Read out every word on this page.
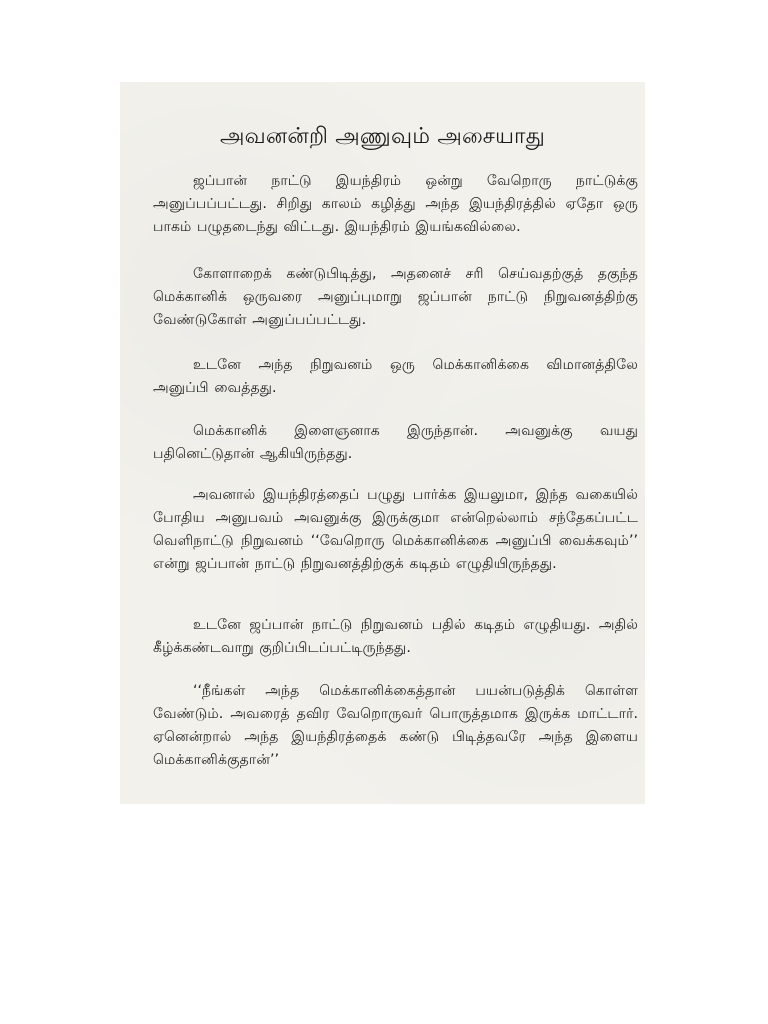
அவனன்றி அணுவும் அசையாது

ஜப்பான் நாட்டு இயந்திரம் ஒன்று வேறொரு நாட்டுக்கு அனுப்பப்பட்டது. சிறிது காலம் கழித்து அந்த இயந்திரத்தில் ஏதோ ஒரு பாகம் பழுதடைந்து விட்டது. இயந்திரம் இயங்கவில்லை.

கோளாறைக் கண்டுபிடித்து, அதனைச் சரி செய்வதற்குத் தகுந்த மெக்கானிக் ஒருவரை அனுப்புமாறு ஜப்பான் நாட்டு நிறுவனத்திற்கு வேண்டுகோள் அனுப்பப்பட்டது.

உடனே அந்த நிறுவனம் ஒரு மெக்கானிக்கை விமானத்திலே அனுப்பி வைத்தது.

மெக்கானிக் இளைஞனாக இருந்தான். அவனுக்கு வயது பதினெட்டுதான் ஆகியிருந்தது.

அவனால் இயந்திரத்தைப் பழுது பார்க்க இயலுமா, இந்த வகையில் போதிய அனுபவம் அவனுக்கு இருக்குமா என்றெல்லாம் சந்தேகப்பட்ட வெளிநாட்டு நிறுவனம் ‘‘வேறொரு மெக்கானிக்கை அனுப்பி வைக்கவும்’’ என்று ஜப்பான் நாட்டு நிறுவனத்திற்குக் கடிதம் எழுதியிருந்தது.

உடனே ஜப்பான் நாட்டு நிறுவனம் பதில் கடிதம் எழுதியது. அதில் கீழ்க்கண்டவாறு குறிப்பிடப்பட்டிருந்தது.

‘‘நீங்கள் அந்த மெக்கானிக்கைத்தான் பயன்படுத்திக் கொள்ள வேண்டும். அவரைத் தவிர வேறொருவர் பொருத்தமாக இருக்க மாட்டார். ஏனென்றால் அந்த இயந்திரத்தைக் கண்டு பிடித்தவரே அந்த இளைய மெக்கானிக்குதான்’’
